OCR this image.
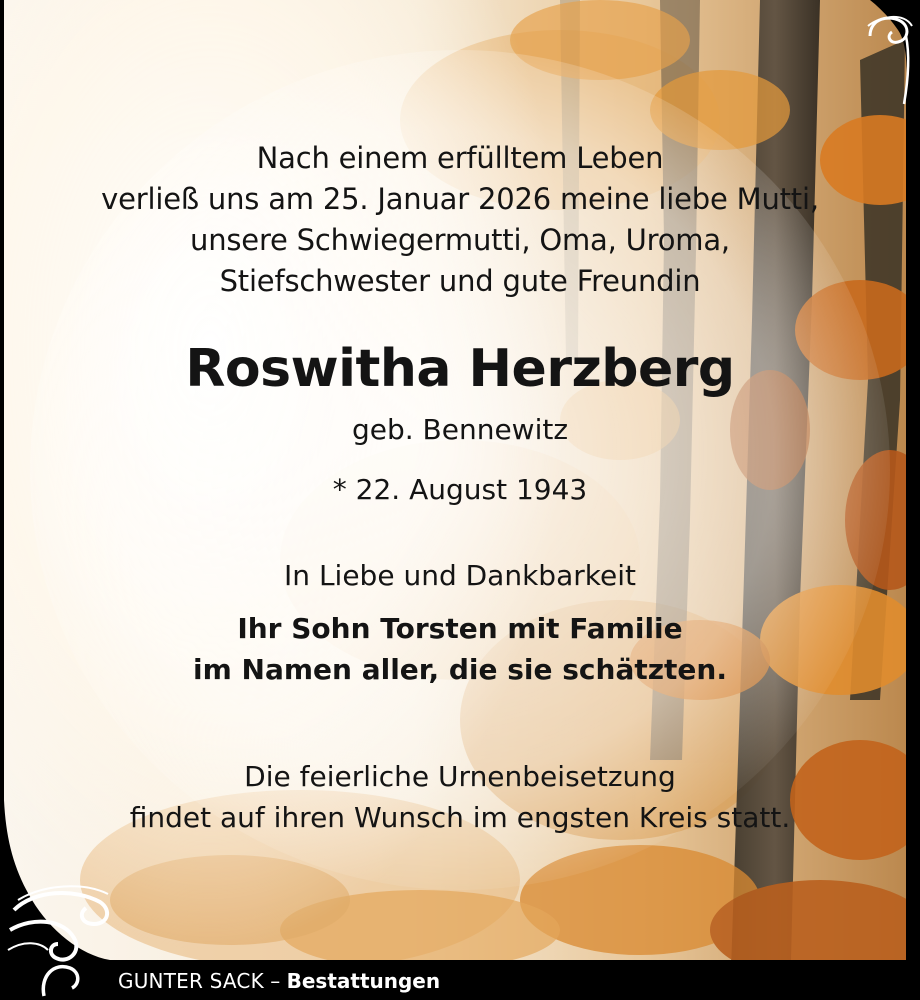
Nach einem erfülltem Leben
verließ uns am 25. Januar 2026 meine liebe Mutti,
unsere Schwiegermutti, Oma, Uroma,
Stiefschwester und gute Freundin
Roswitha Herzberg
geb. Bennewitz
* 22. August 1943
In Liebe und Dankbarkeit
Ihr Sohn Torsten mit Familie
im Namen aller, die sie schätzten.
Die feierliche Urnenbeisetzung
findet auf ihren Wunsch im engsten Kreis statt.
GUNTER SACK – Bestattungen
